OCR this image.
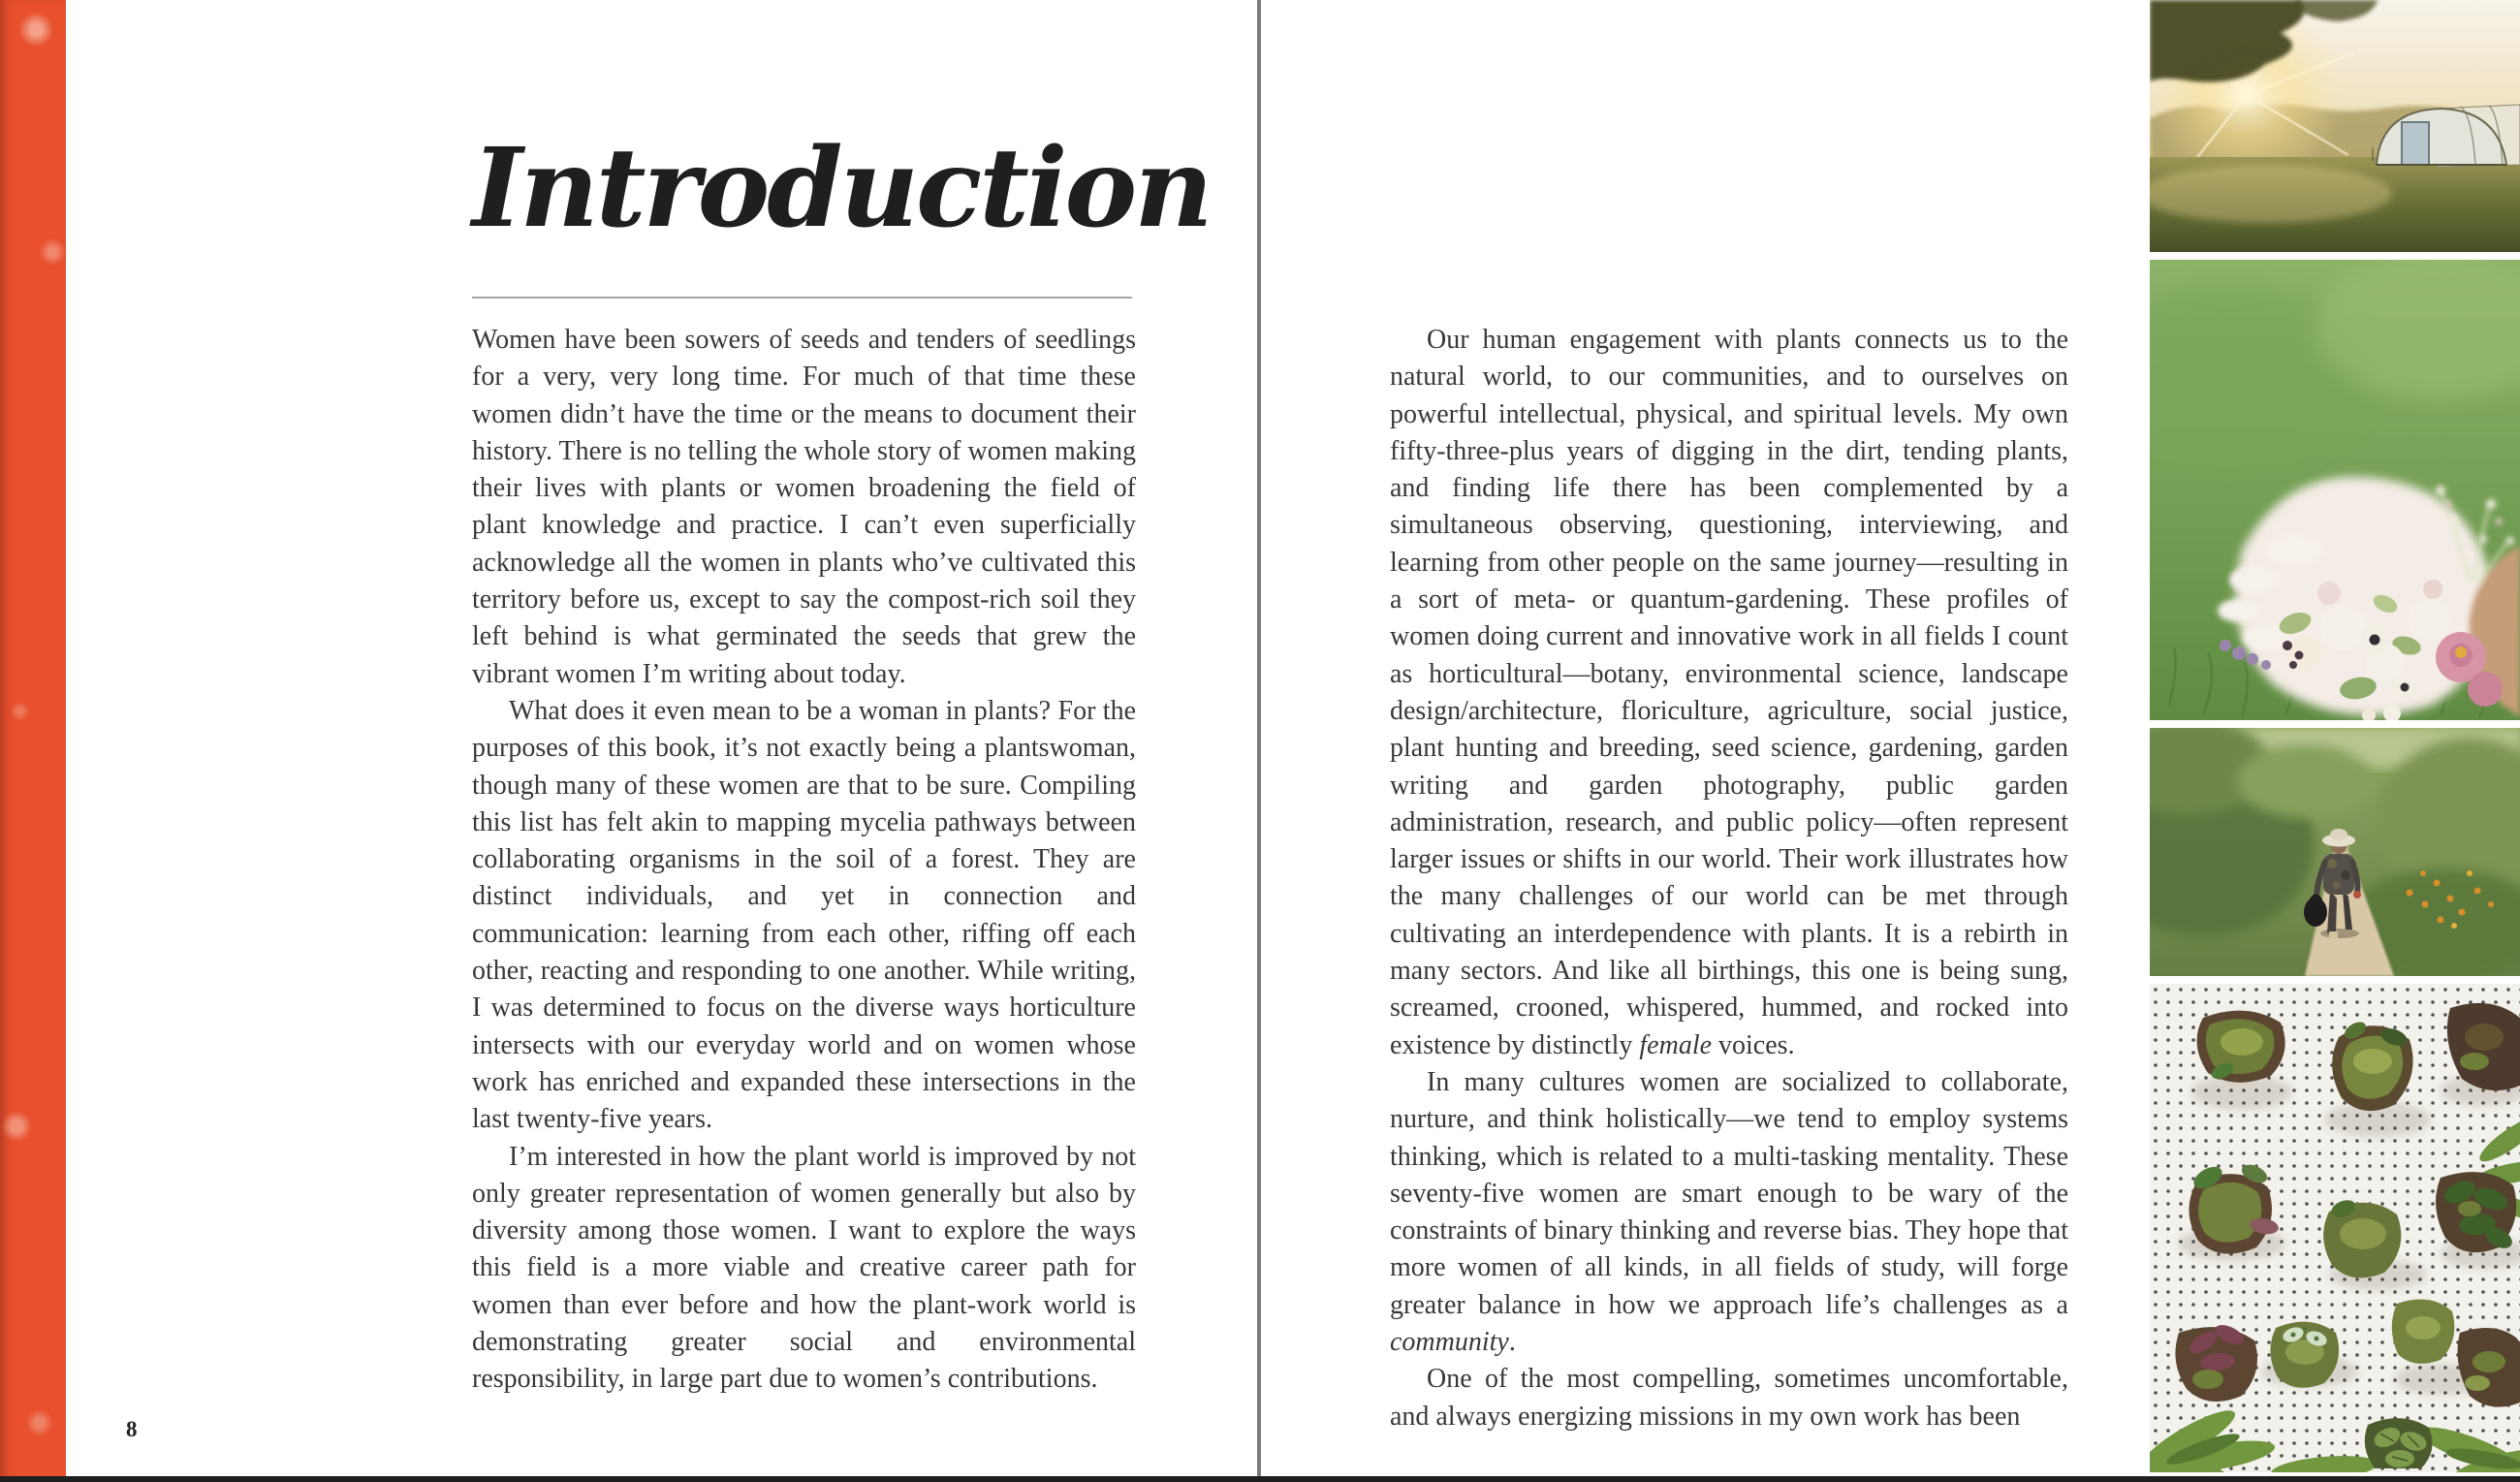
Introduction

Women have been sowers of seeds and tenders of seedlings for a very, very long time. For much of that time these women didn’t have the time or the means to document their history. There is no telling the whole story of women making their lives with plants or women broadening the field of plant knowledge and practice. I can’t even superficially acknowledge all the women in plants who’ve cultivated this territory before us, except to say the compost-rich soil they left behind is what germinated the seeds that grew the vibrant women I’m writing about today.

What does it even mean to be a woman in plants? For the purposes of this book, it’s not exactly being a plantswoman, though many of these women are that to be sure. Compiling this list has felt akin to mapping mycelia pathways between collaborating organisms in the soil of a forest. They are distinct individuals, and yet in connection and communication: learning from each other, riffing off each other, reacting and responding to one another. While writing, I was determined to focus on the diverse ways horticulture intersects with our everyday world and on women whose work has enriched and expanded these intersections in the last twenty-five years.

I’m interested in how the plant world is improved by not only greater representation of women generally but also by diversity among those women. I want to explore the ways this field is a more viable and creative career path for women than ever before and how the plant-work world is demonstrating greater social and environmental responsibility, in large part due to women’s contributions.

8

Our human engagement with plants connects us to the natural world, to our communities, and to ourselves on powerful intellectual, physical, and spiritual levels. My own fifty-three-plus years of digging in the dirt, tending plants, and finding life there has been complemented by a simultaneous observing, questioning, interviewing, and learning from other people on the same journey—resulting in a sort of meta- or quantum-gardening. These profiles of women doing current and innovative work in all fields I count as horticultural—botany, environmental science, landscape design/architecture, floriculture, agriculture, social justice, plant hunting and breeding, seed science, gardening, garden writing and garden photography, public garden administration, research, and public policy—often represent larger issues or shifts in our world. Their work illustrates how the many challenges of our world can be met through cultivating an interdependence with plants. It is a rebirth in many sectors. And like all birthings, this one is being sung, screamed, crooned, whispered, hummed, and rocked into existence by distinctly female voices.

In many cultures women are socialized to collaborate, nurture, and think holistically—we tend to employ systems thinking, which is related to a multi-tasking mentality. These seventy-five women are smart enough to be wary of the constraints of binary thinking and reverse bias. They hope that more women of all kinds, in all fields of study, will forge greater balance in how we approach life’s challenges as a community.

One of the most compelling, sometimes uncomfortable, and always energizing missions in my own work has been
